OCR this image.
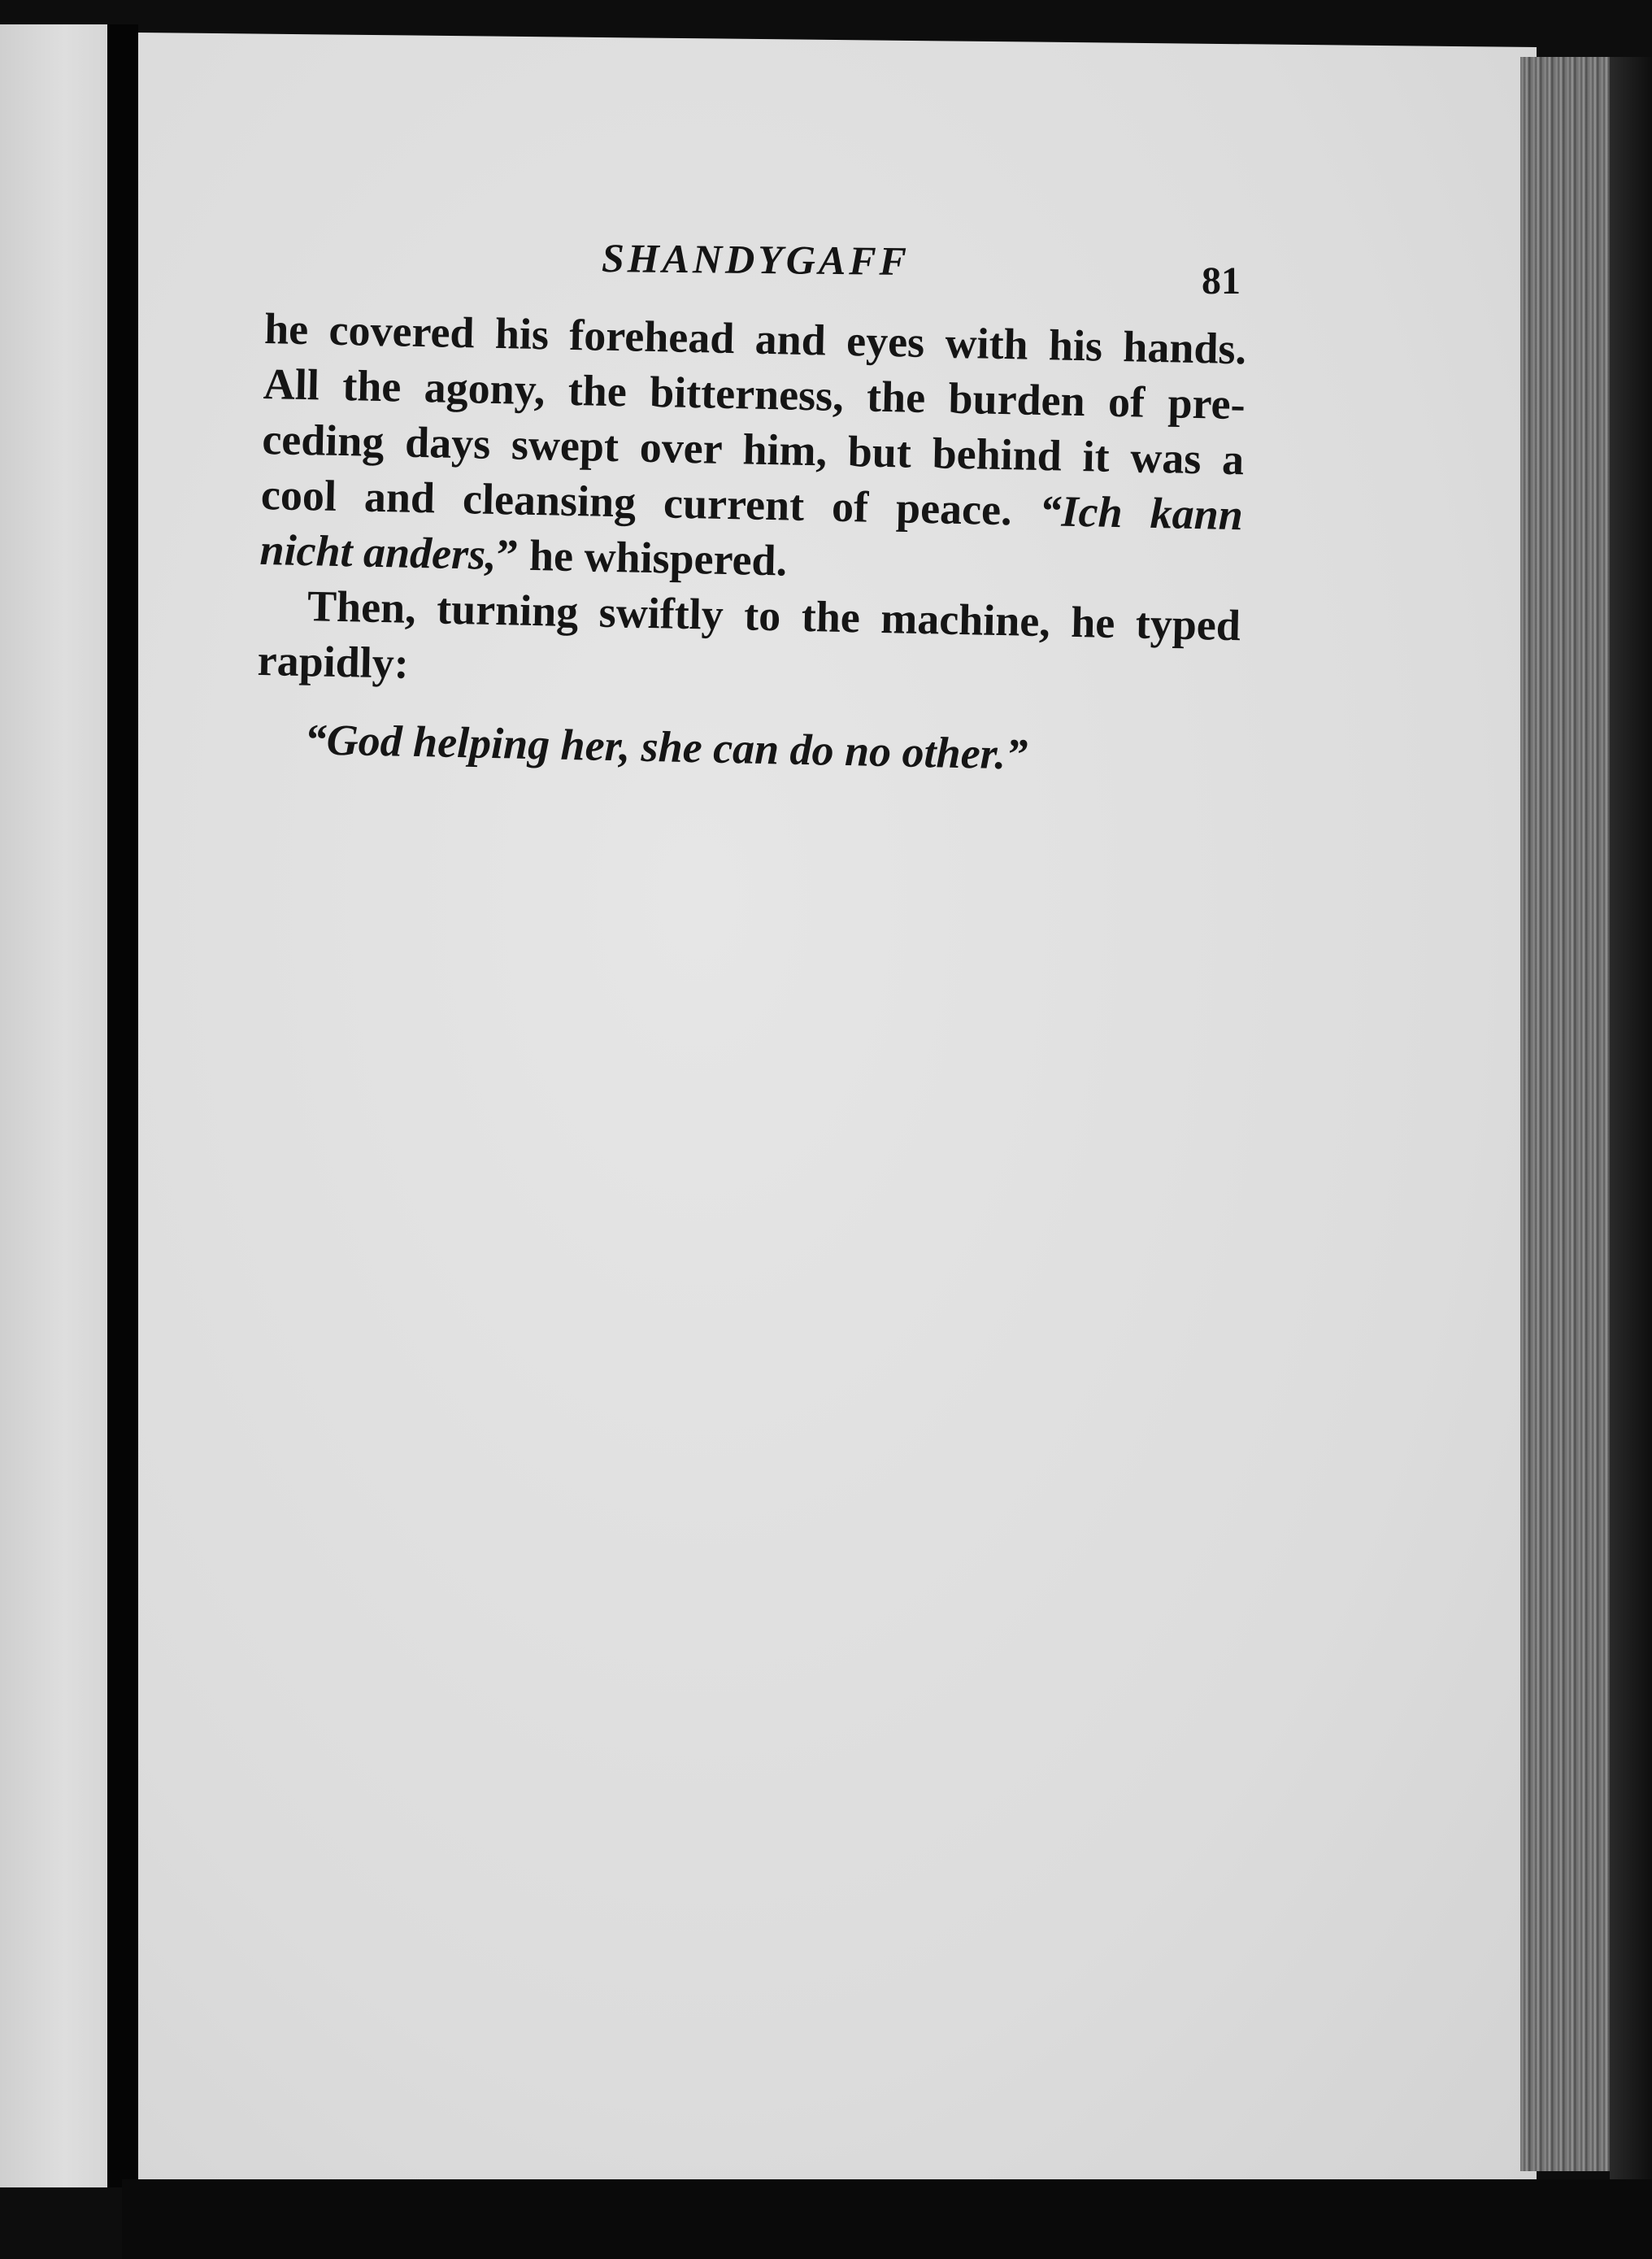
SHANDYGAFF	81
he covered his forehead and eyes with his hands.
All the agony, the bitterness, the burden of pre-
ceding days swept over him, but behind it was a
cool and cleansing current of peace. “Ich kann
nicht anders,” he whispered.
Then, turning swiftly to the machine, he typed
rapidly:
“God helping her, she can do no other.”
